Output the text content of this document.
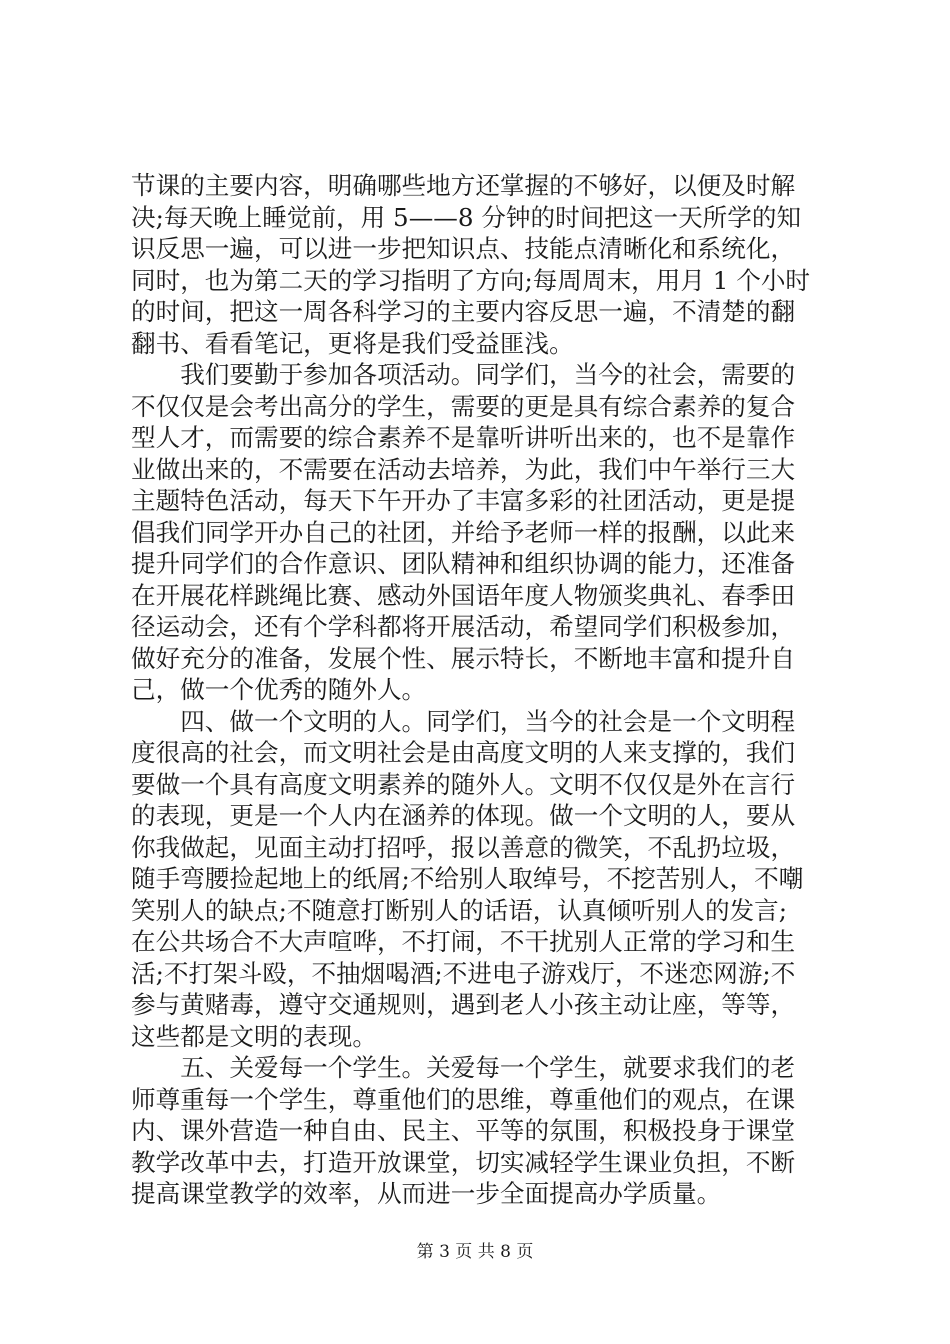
节课的主要内容，明确哪些地方还掌握的不够好，以便及时解
决;每天晚上睡觉前，用 5——8 分钟的时间把这一天所学的知
识反思一遍，可以进一步把知识点、技能点清晰化和系统化，
同时，也为第二天的学习指明了方向;每周周末，用月 1 个小时
的时间，把这一周各科学习的主要内容反思一遍，不清楚的翻
翻书、看看笔记，更将是我们受益匪浅。
　　我们要勤于参加各项活动。同学们，当今的社会，需要的
不仅仅是会考出高分的学生，需要的更是具有综合素养的复合
型人才，而需要的综合素养不是靠听讲听出来的，也不是靠作
业做出来的，不需要在活动去培养，为此，我们中午举行三大
主题特色活动，每天下午开办了丰富多彩的社团活动，更是提
倡我们同学开办自己的社团，并给予老师一样的报酬，以此来
提升同学们的合作意识、团队精神和组织协调的能力，还准备
在开展花样跳绳比赛、感动外国语年度人物颁奖典礼、春季田
径运动会，还有个学科都将开展活动，希望同学们积极参加，
做好充分的准备，发展个性、展示特长，不断地丰富和提升自
己，做一个优秀的随外人。
　　四、做一个文明的人。同学们，当今的社会是一个文明程
度很高的社会，而文明社会是由高度文明的人来支撑的，我们
要做一个具有高度文明素养的随外人。文明不仅仅是外在言行
的表现，更是一个人内在涵养的体现。做一个文明的人，要从
你我做起，见面主动打招呼，报以善意的微笑，不乱扔垃圾，
随手弯腰捡起地上的纸屑;不给别人取绰号，不挖苦别人，不嘲
笑别人的缺点;不随意打断别人的话语，认真倾听别人的发言;
在公共场合不大声喧哗，不打闹，不干扰别人正常的学习和生
活;不打架斗殴，不抽烟喝酒;不进电子游戏厅，不迷恋网游;不
参与黄赌毒，遵守交通规则，遇到老人小孩主动让座，等等，
这些都是文明的表现。
　　五、关爱每一个学生。关爱每一个学生，就要求我们的老
师尊重每一个学生，尊重他们的思维，尊重他们的观点，在课
内、课外营造一种自由、民主、平等的氛围，积极投身于课堂
教学改革中去，打造开放课堂，切实减轻学生课业负担，不断
提高课堂教学的效率，从而进一步全面提高办学质量。
第 3 页 共 8 页
